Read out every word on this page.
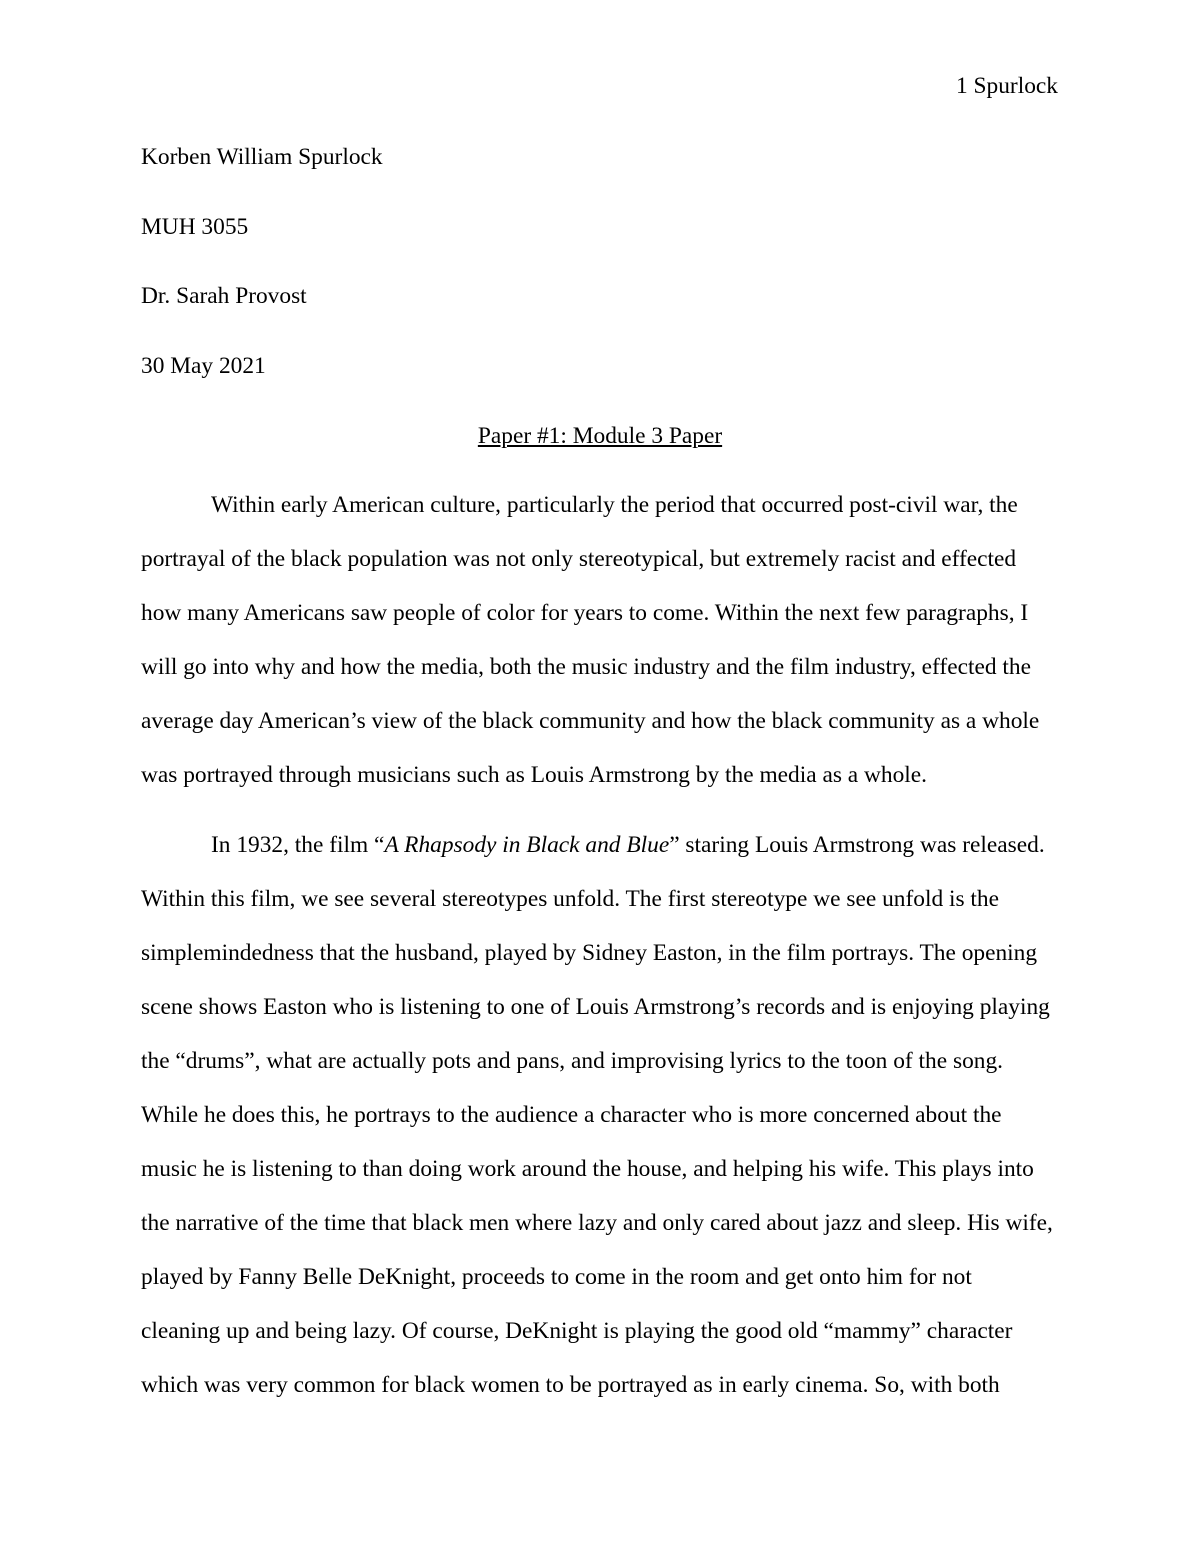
1 Spurlock
Korben William Spurlock
MUH 3055
Dr. Sarah Provost
30 May 2021
Paper #1: Module 3 Paper
Within early American culture, particularly the period that occurred post-civil war, the
portrayal of the black population was not only stereotypical, but extremely racist and effected
how many Americans saw people of color for years to come. Within the next few paragraphs, I
will go into why and how the media, both the music industry and the film industry, effected the
average day American’s view of the black community and how the black community as a whole
was portrayed through musicians such as Louis Armstrong by the media as a whole.
In 1932, the film “A Rhapsody in Black and Blue” staring Louis Armstrong was released.
Within this film, we see several stereotypes unfold. The first stereotype we see unfold is the
simplemindedness that the husband, played by Sidney Easton, in the film portrays. The opening
scene shows Easton who is listening to one of Louis Armstrong’s records and is enjoying playing
the “drums”, what are actually pots and pans, and improvising lyrics to the toon of the song.
While he does this, he portrays to the audience a character who is more concerned about the
music he is listening to than doing work around the house, and helping his wife. This plays into
the narrative of the time that black men where lazy and only cared about jazz and sleep. His wife,
played by Fanny Belle DeKnight, proceeds to come in the room and get onto him for not
cleaning up and being lazy. Of course, DeKnight is playing the good old “mammy” character
which was very common for black women to be portrayed as in early cinema. So, with both
